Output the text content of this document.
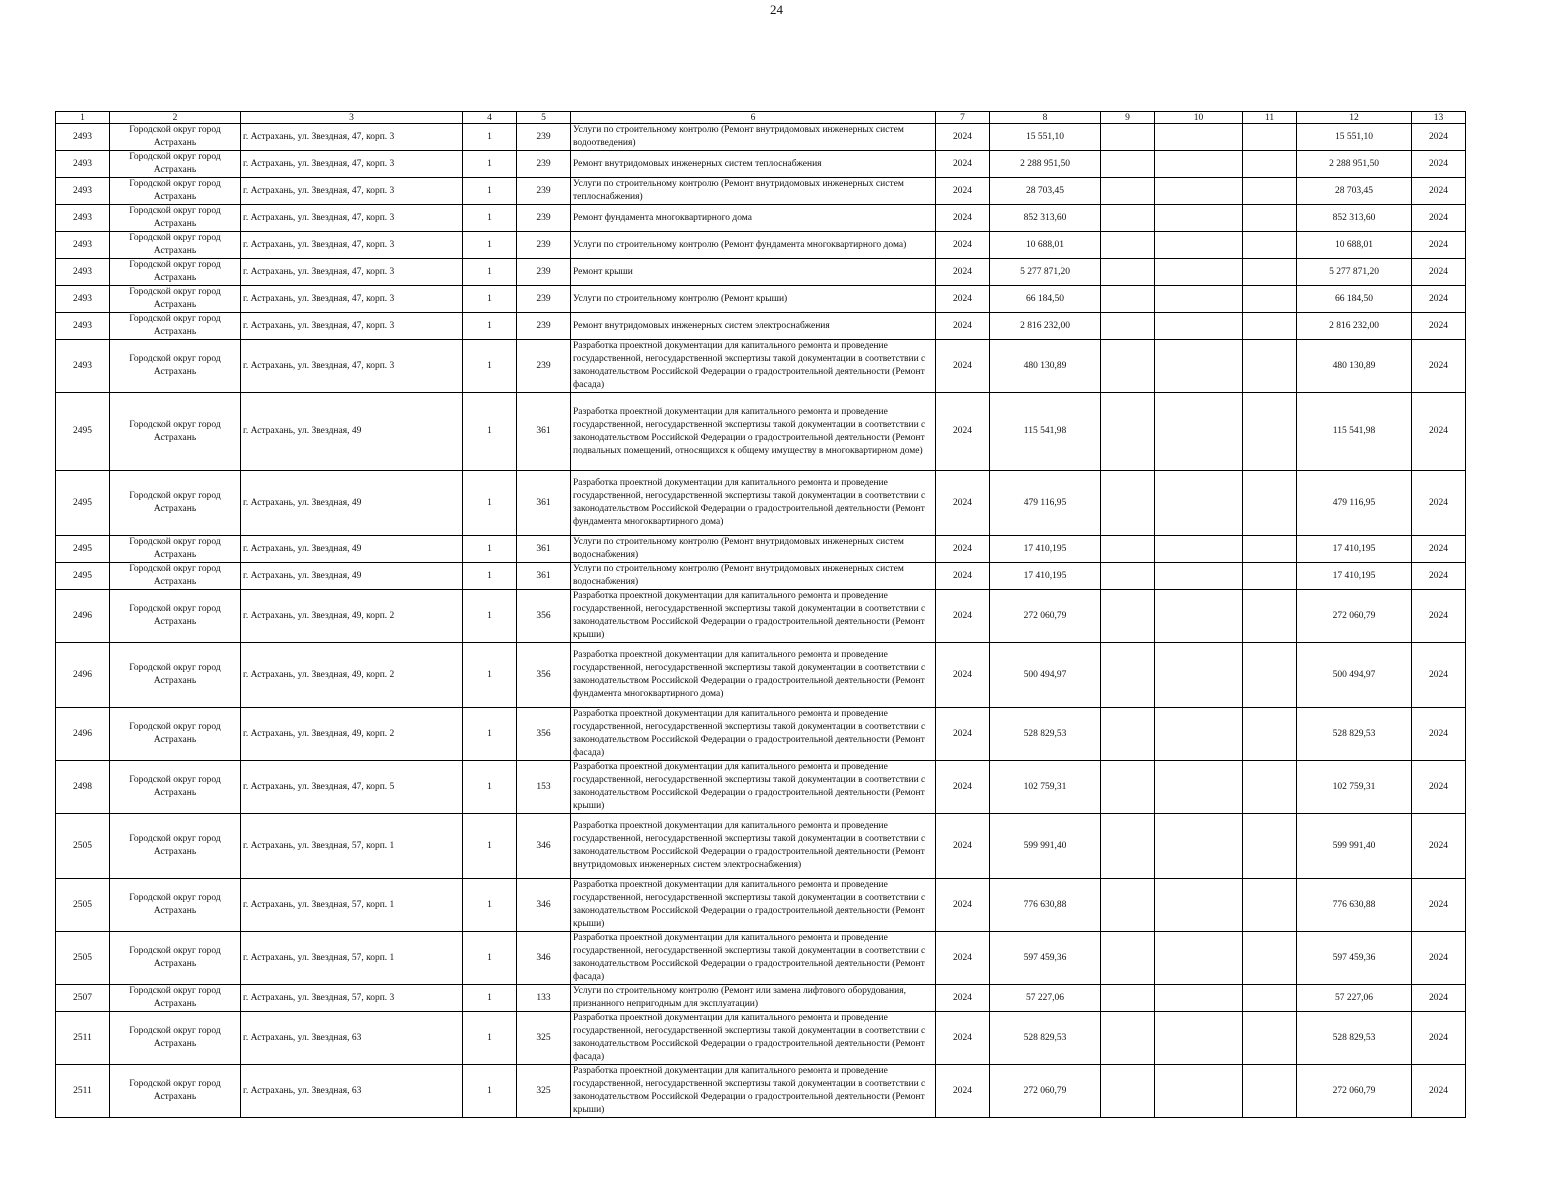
24
1	2	3	4	5	6	7	8	9	10	11	12	13
2493	Городской округ город Астрахань	г. Астрахань, ул. Звездная, 47, корп. 3	1	239	Услуги по строительному контролю (Ремонт внутридомовых инженерных систем водоотведения)	2024	15 551,10				15 551,10	2024
2493	Городской округ город Астрахань	г. Астрахань, ул. Звездная, 47, корп. 3	1	239	Ремонт внутридомовых инженерных систем теплоснабжения	2024	2 288 951,50				2 288 951,50	2024
2493	Городской округ город Астрахань	г. Астрахань, ул. Звездная, 47, корп. 3	1	239	Услуги по строительному контролю (Ремонт внутридомовых инженерных систем теплоснабжения)	2024	28 703,45				28 703,45	2024
2493	Городской округ город Астрахань	г. Астрахань, ул. Звездная, 47, корп. 3	1	239	Ремонт фундамента многоквартирного дома	2024	852 313,60				852 313,60	2024
2493	Городской округ город Астрахань	г. Астрахань, ул. Звездная, 47, корп. 3	1	239	Услуги по строительному контролю (Ремонт фундамента многоквартирного дома)	2024	10 688,01				10 688,01	2024
2493	Городской округ город Астрахань	г. Астрахань, ул. Звездная, 47, корп. 3	1	239	Ремонт крыши	2024	5 277 871,20				5 277 871,20	2024
2493	Городской округ город Астрахань	г. Астрахань, ул. Звездная, 47, корп. 3	1	239	Услуги по строительному контролю (Ремонт крыши)	2024	66 184,50				66 184,50	2024
2493	Городской округ город Астрахань	г. Астрахань, ул. Звездная, 47, корп. 3	1	239	Ремонт внутридомовых инженерных систем электроснабжения	2024	2 816 232,00				2 816 232,00	2024
2493	Городской округ город Астрахань	г. Астрахань, ул. Звездная, 47, корп. 3	1	239	Разработка проектной документации для капитального ремонта и проведение государственной, негосударственной экспертизы такой документации в соответствии с законодательством Российской Федерации о градостроительной деятельности (Ремонт фасада)	2024	480 130,89				480 130,89	2024
2495	Городской округ город Астрахань	г. Астрахань, ул. Звездная, 49	1	361	Разработка проектной документации для капитального ремонта и проведение государственной, негосударственной экспертизы такой документации в соответствии с законодательством Российской Федерации о градостроительной деятельности (Ремонт подвальных помещений, относящихся к общему имуществу в многоквартирном доме)	2024	115 541,98				115 541,98	2024
2495	Городской округ город Астрахань	г. Астрахань, ул. Звездная, 49	1	361	Разработка проектной документации для капитального ремонта и проведение государственной, негосударственной экспертизы такой документации в соответствии с законодательством Российской Федерации о градостроительной деятельности (Ремонт фундамента многоквартирного дома)	2024	479 116,95				479 116,95	2024
2495	Городской округ город Астрахань	г. Астрахань, ул. Звездная, 49	1	361	Услуги по строительному контролю (Ремонт внутридомовых инженерных систем водоснабжения)	2024	17 410,195				17 410,195	2024
2495	Городской округ город Астрахань	г. Астрахань, ул. Звездная, 49	1	361	Услуги по строительному контролю (Ремонт внутридомовых инженерных систем водоснабжения)	2024	17 410,195				17 410,195	2024
2496	Городской округ город Астрахань	г. Астрахань, ул. Звездная, 49, корп. 2	1	356	Разработка проектной документации для капитального ремонта и проведение государственной, негосударственной экспертизы такой документации в соответствии с законодательством Российской Федерации о градостроительной деятельности (Ремонт крыши)	2024	272 060,79				272 060,79	2024
2496	Городской округ город Астрахань	г. Астрахань, ул. Звездная, 49, корп. 2	1	356	Разработка проектной документации для капитального ремонта и проведение государственной, негосударственной экспертизы такой документации в соответствии с законодательством Российской Федерации о градостроительной деятельности (Ремонт фундамента многоквартирного дома)	2024	500 494,97				500 494,97	2024
2496	Городской округ город Астрахань	г. Астрахань, ул. Звездная, 49, корп. 2	1	356	Разработка проектной документации для капитального ремонта и проведение государственной, негосударственной экспертизы такой документации в соответствии с законодательством Российской Федерации о градостроительной деятельности (Ремонт фасада)	2024	528 829,53				528 829,53	2024
2498	Городской округ город Астрахань	г. Астрахань, ул. Звездная, 47, корп. 5	1	153	Разработка проектной документации для капитального ремонта и проведение государственной, негосударственной экспертизы такой документации в соответствии с законодательством Российской Федерации о градостроительной деятельности (Ремонт крыши)	2024	102 759,31				102 759,31	2024
2505	Городской округ город Астрахань	г. Астрахань, ул. Звездная, 57, корп. 1	1	346	Разработка проектной документации для капитального ремонта и проведение государственной, негосударственной экспертизы такой документации в соответствии с законодательством Российской Федерации о градостроительной деятельности (Ремонт внутридомовых инженерных систем электроснабжения)	2024	599 991,40				599 991,40	2024
2505	Городской округ город Астрахань	г. Астрахань, ул. Звездная, 57, корп. 1	1	346	Разработка проектной документации для капитального ремонта и проведение государственной, негосударственной экспертизы такой документации в соответствии с законодательством Российской Федерации о градостроительной деятельности (Ремонт крыши)	2024	776 630,88				776 630,88	2024
2505	Городской округ город Астрахань	г. Астрахань, ул. Звездная, 57, корп. 1	1	346	Разработка проектной документации для капитального ремонта и проведение государственной, негосударственной экспертизы такой документации в соответствии с законодательством Российской Федерации о градостроительной деятельности (Ремонт фасада)	2024	597 459,36				597 459,36	2024
2507	Городской округ город Астрахань	г. Астрахань, ул. Звездная, 57, корп. 3	1	133	Услуги по строительному контролю (Ремонт или замена лифтового оборудования, признанного непригодным для эксплуатации)	2024	57 227,06				57 227,06	2024
2511	Городской округ город Астрахань	г. Астрахань, ул. Звездная, 63	1	325	Разработка проектной документации для капитального ремонта и проведение государственной, негосударственной экспертизы такой документации в соответствии с законодательством Российской Федерации о градостроительной деятельности (Ремонт фасада)	2024	528 829,53				528 829,53	2024
2511	Городской округ город Астрахань	г. Астрахань, ул. Звездная, 63	1	325	Разработка проектной документации для капитального ремонта и проведение государственной, негосударственной экспертизы такой документации в соответствии с законодательством Российской Федерации о градостроительной деятельности (Ремонт крыши)	2024	272 060,79				272 060,79	2024
